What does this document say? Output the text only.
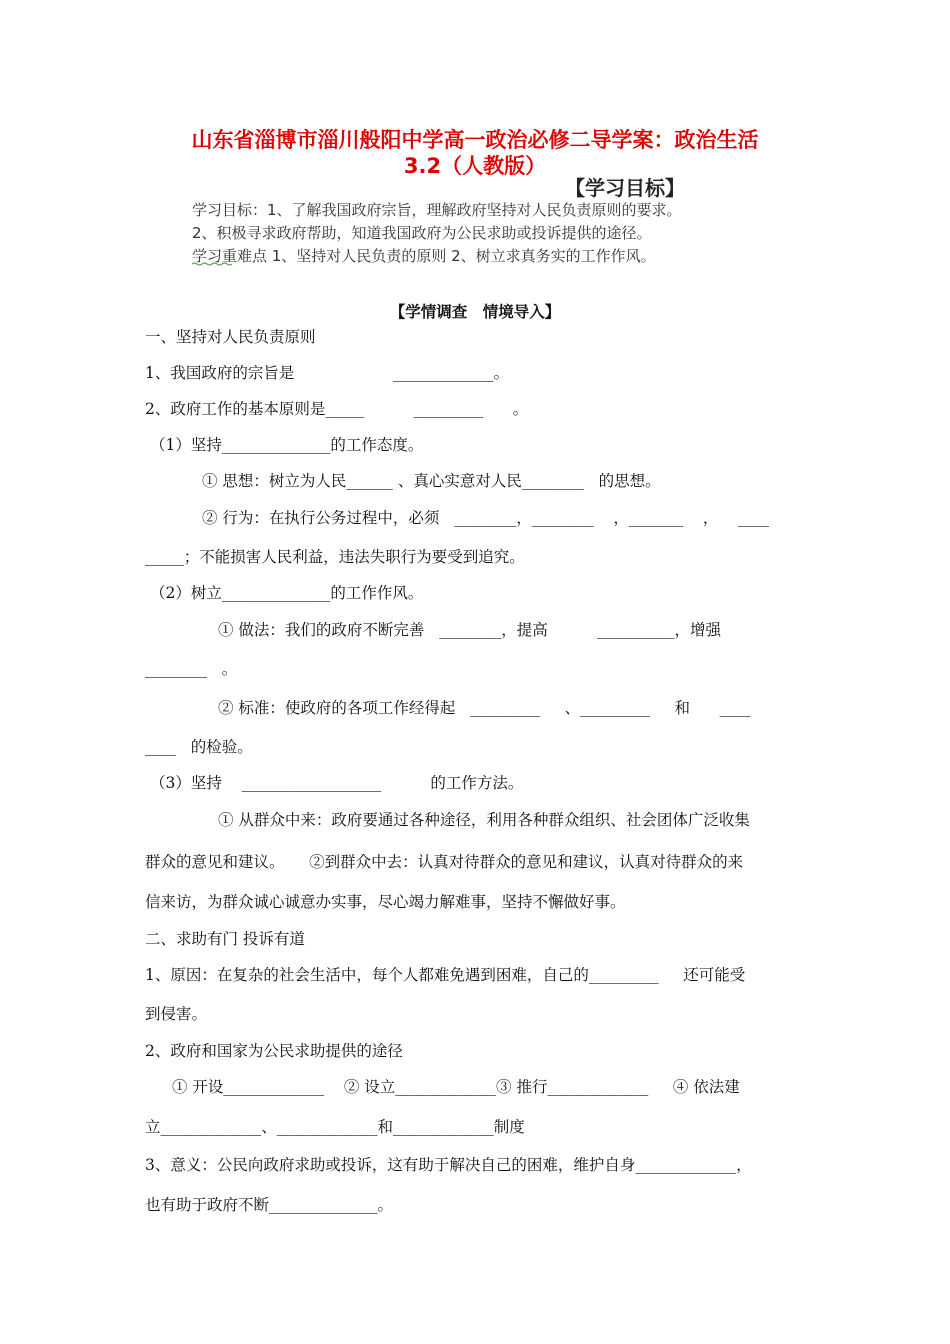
山东省淄博市淄川般阳中学高一政治必修二导学案：政治生活
3.2（人教版）
【学习目标】
学习目标：1、了解我国政府宗旨，理解政府坚持对人民负责原则的要求。
2、积极寻求政府帮助，知道我国政府为公民求助或投诉提供的途径。
学习重难点 1、坚持对人民负责的原则 2、树立求真务实的工作作风。
【学情调查　情境导入】
一、坚持对人民负责原则
1、我国政府的宗旨是                    _____________。
2、政府工作的基本原则是_____          _________      。
（1）坚持______________的工作态度。
① 思想：树立为人民______ 、真心实意对人民________   的思想。
② 行为：在执行公务过程中，必须   ________，________    ，_______    ，    ____
_____；不能损害人民利益，违法失职行为要受到追究。
（2）树立______________的工作作风。
① 做法：我们的政府不断完善   ________，提高          __________，增强
________   。
② 标准：使政府的各项工作经得起   _________     、_________     和      ____
____   的检验。
（3）坚持    __________________          的工作方法。
① 从群众中来：政府要通过各种途径，利用各种群众组织、社会团体广泛收集
群众的意见和建议。     ②到群众中去：认真对待群众的意见和建议，认真对待群众的来
信来访，为群众诚心诚意办实事，尽心竭力解难事，坚持不懈做好事。
二、求助有门 投诉有道
1、原因：在复杂的社会生活中，每个人都难免遇到困难，自己的_________     还可能受
到侵害。
2、政府和国家为公民求助提供的途径
① 开设_____________    ② 设立_____________③ 推行_____________     ④ 依法建
立_____________、_____________和_____________制度
3、意义：公民向政府求助或投诉，这有助于解决自己的困难，维护自身_____________，
也有助于政府不断______________。
